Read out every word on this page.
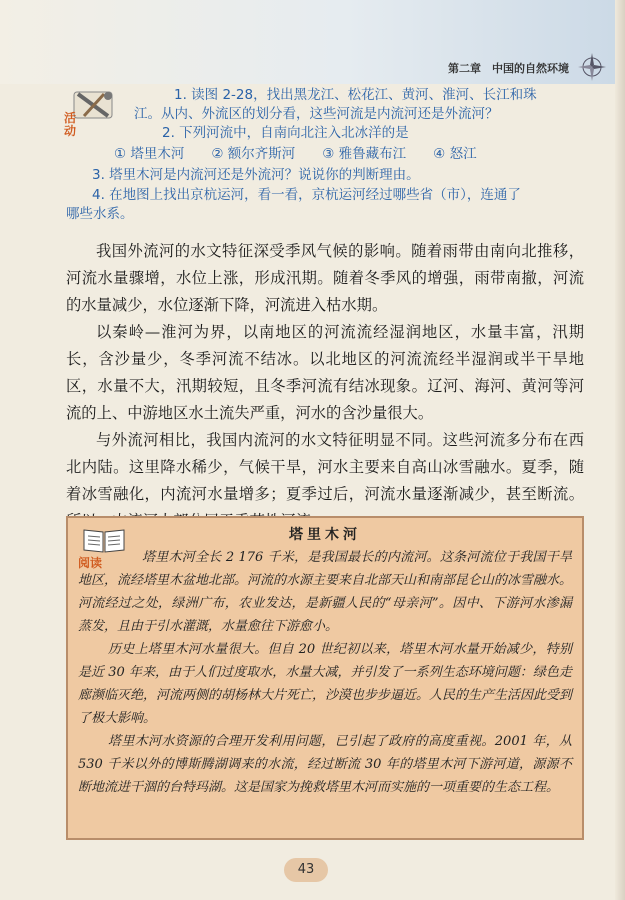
第二章　中国的自然环境
活动
1. 读图 2-28，找出黑龙江、松花江、黄河、淮河、长江和珠
江。从内、外流区的划分看，这些河流是内流河还是外流河？
2. 下列河流中，自南向北注入北冰洋的是
① 塔里木河　　② 额尔齐斯河　　③ 雅鲁藏布江　　④ 怒江
3. 塔里木河是内流河还是外流河？说说你的判断理由。
4. 在地图上找出京杭运河，看一看，京杭运河经过哪些省（市），连通了
哪些水系。

我国外流河的水文特征深受季风气候的影响。随着雨带由南向北推移，河流水量骤增，水位上涨，形成汛期。随着冬季风的增强，雨带南撤，河流的水量减少，水位逐渐下降，河流进入枯水期。

以秦岭—淮河为界，以南地区的河流流经湿润地区，水量丰富，汛期长，含沙量少，冬季河流不结冰。以北地区的河流流经半湿润或半干旱地区，水量不大，汛期较短，且冬季河流有结冰现象。辽河、海河、黄河等河流的上、中游地区水土流失严重，河水的含沙量很大。

与外流河相比，我国内流河的水文特征明显不同。这些河流多分布在西北内陆。这里降水稀少，气候干旱，河水主要来自高山冰雪融水。夏季，随着冰雪融化，内流河水量增多；夏季过后，河流水量逐渐减少，甚至断流。

阅读
塔里木河

塔里木河全长 2 176 千米，是我国最长的内流河。这条河流位于我国干旱地区，流经塔里木盆地北部。河流的水源主要来自北部天山和南部昆仑山的冰雪融水。河流经过之处，绿洲广布，农业发达，是新疆人民的“母亲河”。因中、下游河水渗漏蒸发，且由于引水灌溉，水量愈往下游愈小。

历史上塔里木河水量很大。但自 20 世纪初以来，塔里木河水量开始减少，特别是近 30 年来，由于人们过度取水，水量大减，并引发了一系列生态环境问题：绿色走廊濒临灭绝，河流两侧的胡杨林大片死亡，沙漠也步步逼近。人民的生产生活因此受到了极大影响。

塔里木河水资源的合理开发利用问题，已引起了政府的高度重视。2001 年，从 530 千米以外的博斯腾湖调来的水流，经过断流 30 年的塔里木河下游河道，源源不断地流进干涸的台特玛湖。这是国家为挽救塔里木河而实施的一项重要的生态工程。

43
